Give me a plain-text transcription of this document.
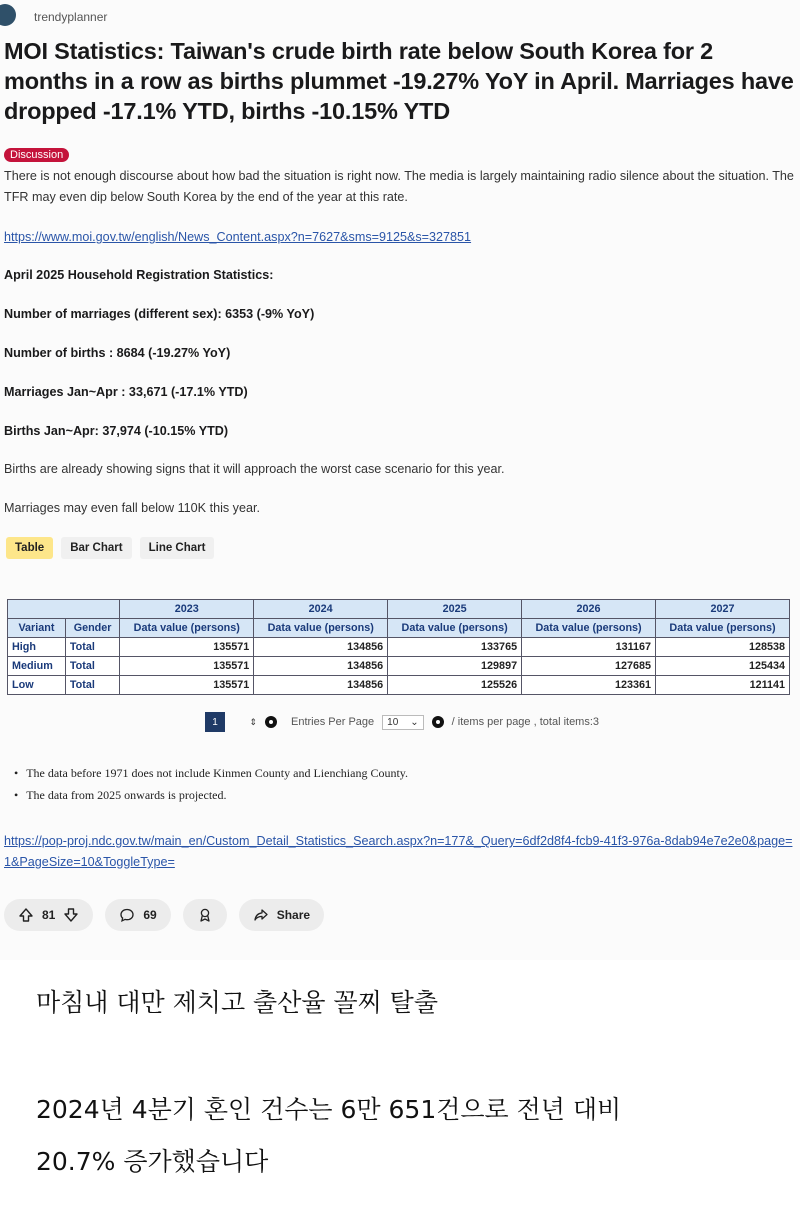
trendyplanner
MOI Statistics: Taiwan's crude birth rate below South Korea for 2 months in a row as births plummet -19.27% YoY in April. Marriages have dropped -17.1% YTD, births -10.15% YTD
Discussion

There is not enough discourse about how bad the situation is right now. The media is largely maintaining radio silence about the situation. The TFR may even dip below South Korea by the end of the year at this rate.

https://www.moi.gov.tw/english/News_Content.aspx?n=7627&sms=9125&s=327851

April 2025 Household Registration Statistics:

Number of marriages (different sex): 6353 (-9% YoY)

Number of births : 8684 (-19.27% YoY)

Marriages Jan~Apr : 33,671 (-17.1% YTD)

Births Jan~Apr: 37,974 (-10.15% YTD)

Births are already showing signs that it will approach the worst case scenario for this year.

Marriages may even fall below 110K this year.

Table	Bar Chart	Line Chart
		2023	2024	2025	2026	2027
Variant	Gender	Data value (persons)	Data value (persons)	Data value (persons)	Data value (persons)	Data value (persons)
High	Total	135571	134856	133765	131167	128538
Medium	Total	135571	134856	129897	127685	125434
Low	Total	135571	134856	125526	123361	121141
1	⇕	Entries Per Page 10 ⌄	/ items per page , total items:3
• The data before 1971 does not include Kinmen County and Lienchiang County.
• The data from 2025 onwards is projected.

https://pop-proj.ndc.gov.tw/main_en/Custom_Detail_Statistics_Search.aspx?n=177&_Query=6df2d8f4-fcb9-41f3-976a-8dab94e7e2e0&page=1&PageSize=10&ToggleType=

81	69	Share

마침내 대만 제치고 출산율 꼴찌 탈출

2024년 4분기 혼인 건수는 6만 651건으로 전년 대비

20.7% 증가했습니다
